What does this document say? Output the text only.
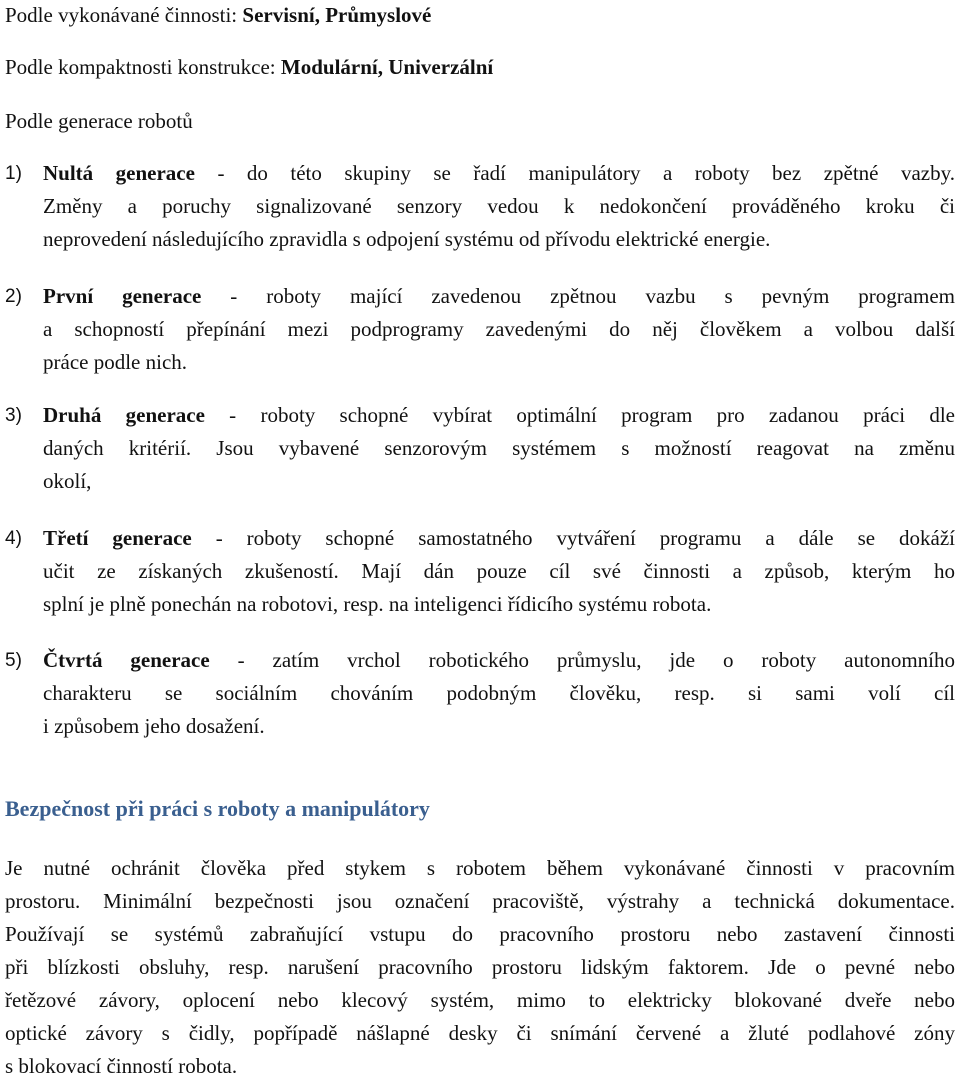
Podle vykonávané činnosti: Servisní, Průmyslové
Podle kompaktnosti konstrukce: Modulární, Univerzální
Podle generace robotů
1) Nultá generace - do této skupiny se řadí manipulátory a roboty bez zpětné vazby.
Změny a poruchy signalizované senzory vedou k nedokončení prováděného kroku či
neprovedení následujícího zpravidla s odpojení systému od přívodu elektrické energie.
2) První generace - roboty mající zavedenou zpětnou vazbu s pevným programem
a schopností přepínání mezi podprogramy zavedenými do něj člověkem a volbou další
práce podle nich.
3) Druhá generace - roboty schopné vybírat optimální program pro zadanou práci dle
daných kritérií. Jsou vybavené senzorovým systémem s možností reagovat na změnu
okolí,
4) Třetí generace - roboty schopné samostatného vytváření programu a dále se dokáží
učit ze získaných zkušeností. Mají dán pouze cíl své činnosti a způsob, kterým ho
splní je plně ponechán na robotovi, resp. na inteligenci řídicího systému robota.
5) Čtvrtá generace - zatím vrchol robotického průmyslu, jde o roboty autonomního
charakteru se sociálním chováním podobným člověku, resp. si sami volí cíl
i způsobem jeho dosažení.
Bezpečnost při práci s roboty a manipulátory
Je nutné ochránit člověka před stykem s robotem během vykonávané činnosti v pracovním
prostoru. Minimální bezpečnosti jsou označení pracoviště, výstrahy a technická dokumentace.
Používají se systémů zabraňující vstupu do pracovního prostoru nebo zastavení činnosti
při blízkosti obsluhy, resp. narušení pracovního prostoru lidským faktorem. Jde o pevné nebo
řetězové závory, oplocení nebo klecový systém, mimo to elektricky blokované dveře nebo
optické závory s čidly, popřípadě nášlapné desky či snímání červené a žluté podlahové zóny
s blokovací činností robota.
